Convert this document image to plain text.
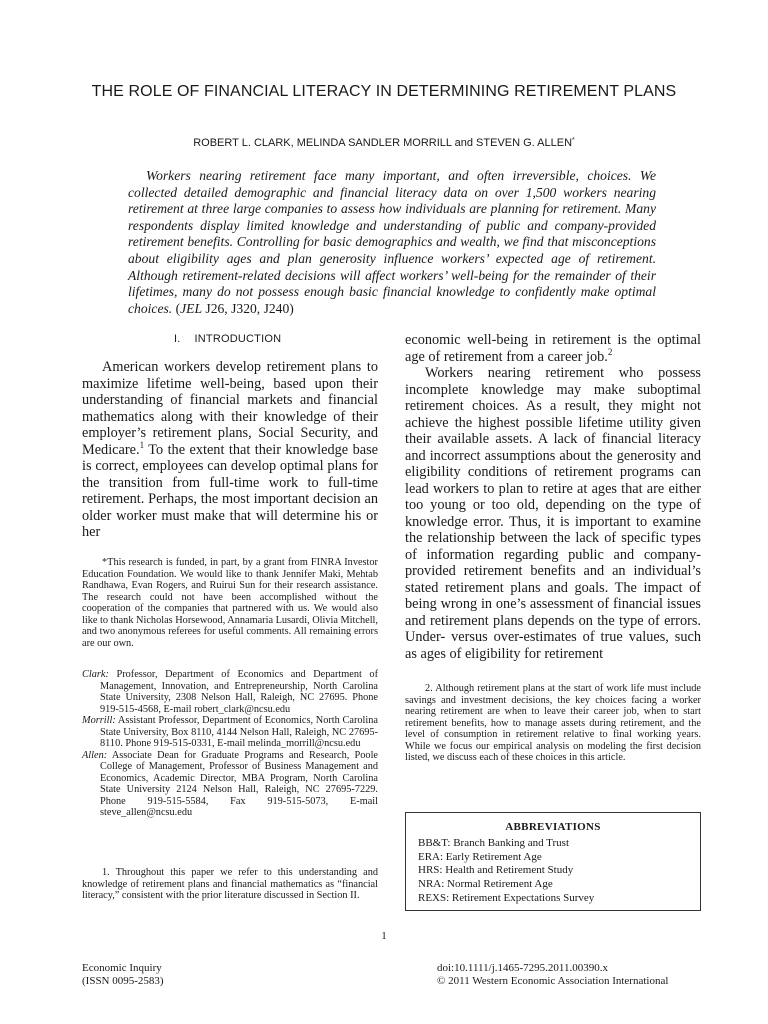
THE ROLE OF FINANCIAL LITERACY IN DETERMINING RETIREMENT PLANS
ROBERT L. CLARK, MELINDA SANDLER MORRILL and STEVEN G. ALLEN*

Workers nearing retirement face many important, and often irreversible, choices. We collected detailed demographic and financial literacy data on over 1,500 workers nearing retirement at three large companies to assess how individuals are planning for retirement. Many respondents display limited knowledge and understanding of public and company-provided retirement benefits. Controlling for basic demographics and wealth, we find that misconceptions about eligibility ages and plan generosity influence workers’ expected age of retirement. Although retirement-related decisions will affect workers’ well-being for the remainder of their lifetimes, many do not possess enough basic financial knowledge to confidently make optimal choices. (JEL J26, J320, J240)

I. INTRODUCTION

American workers develop retirement plans to maximize lifetime well-being, based upon their understanding of financial markets and financial mathematics along with their knowledge of their employer’s retirement plans, Social Security, and Medicare.$^1$ To the extent that their knowledge base is correct, employees can develop optimal plans for the transition from full-time work to full-time retirement. Perhaps, the most important decision an older worker must make that will determine his or her

economic well-being in retirement is the optimal age of retirement from a career job.$^2$

Workers nearing retirement who possess incomplete knowledge may make suboptimal retirement choices. As a result, they might not achieve the highest possible lifetime utility given their available assets. A lack of financial literacy and incorrect assumptions about the generosity and eligibility conditions of retirement programs can lead workers to plan to retire at ages that are either too young or too old, depending on the type of knowledge error. Thus, it is important to examine the relationship between the lack of specific types of information regarding public and company-provided retirement benefits and an individual’s stated retirement plans and goals. The impact of being wrong in one’s assessment of financial issues and retirement plans depends on the type of errors. Under- versus over-estimates of true values, such as ages of eligibility for retirement

*This research is funded, in part, by a grant from FINRA Investor Education Foundation. We would like to thank Jennifer Maki, Mehtab Randhawa, Evan Rogers, and Ruirui Sun for their research assistance. The research could not have been accomplished without the cooperation of the companies that partnered with us. We would also like to thank Nicholas Horsewood, Annamaria Lusardi, Olivia Mitchell, and two anonymous referees for useful comments. All remaining errors are our own.

Clark: Professor, Department of Economics and Department of Management, Innovation, and Entrepreneurship, North Carolina State University, 2308 Nelson Hall, Raleigh, NC 27695. Phone 919-515-4568, E-mail robert_clark@ncsu.edu

Morrill: Assistant Professor, Department of Economics, North Carolina State University, Box 8110, 4144 Nelson Hall, Raleigh, NC 27695-8110. Phone 919-515-0331, E-mail melinda_morrill@ncsu.edu

Allen: Associate Dean for Graduate Programs and Research, Poole College of Management, Professor of Business Management and Economics, Academic Director, MBA Program, North Carolina State University 2124 Nelson Hall, Raleigh, NC 27695-7229. Phone 919-515-5584, Fax 919-515-5073, E-mail steve_allen@ncsu.edu

1. Throughout this paper we refer to this understanding and knowledge of retirement plans and financial mathematics as “financial literacy,” consistent with the prior literature discussed in Section II.

2. Although retirement plans at the start of work life must include savings and investment decisions, the key choices facing a worker nearing retirement are when to leave their career job, when to start retirement benefits, how to manage assets during retirement, and the level of consumption in retirement relative to final working years. While we focus our empirical analysis on modeling the first decision listed, we discuss each of these choices in this article.

ABBREVIATIONS

BB&T: Branch Banking and Trust

ERA: Early Retirement Age

HRS: Health and Retirement Study

NRA: Normal Retirement Age

REXS: Retirement Expectations Survey

1
Economic Inquiry
(ISSN 0095-2583)

doi:10.1111/j.1465-7295.2011.00390.x

© 2011 Western Economic Association International
